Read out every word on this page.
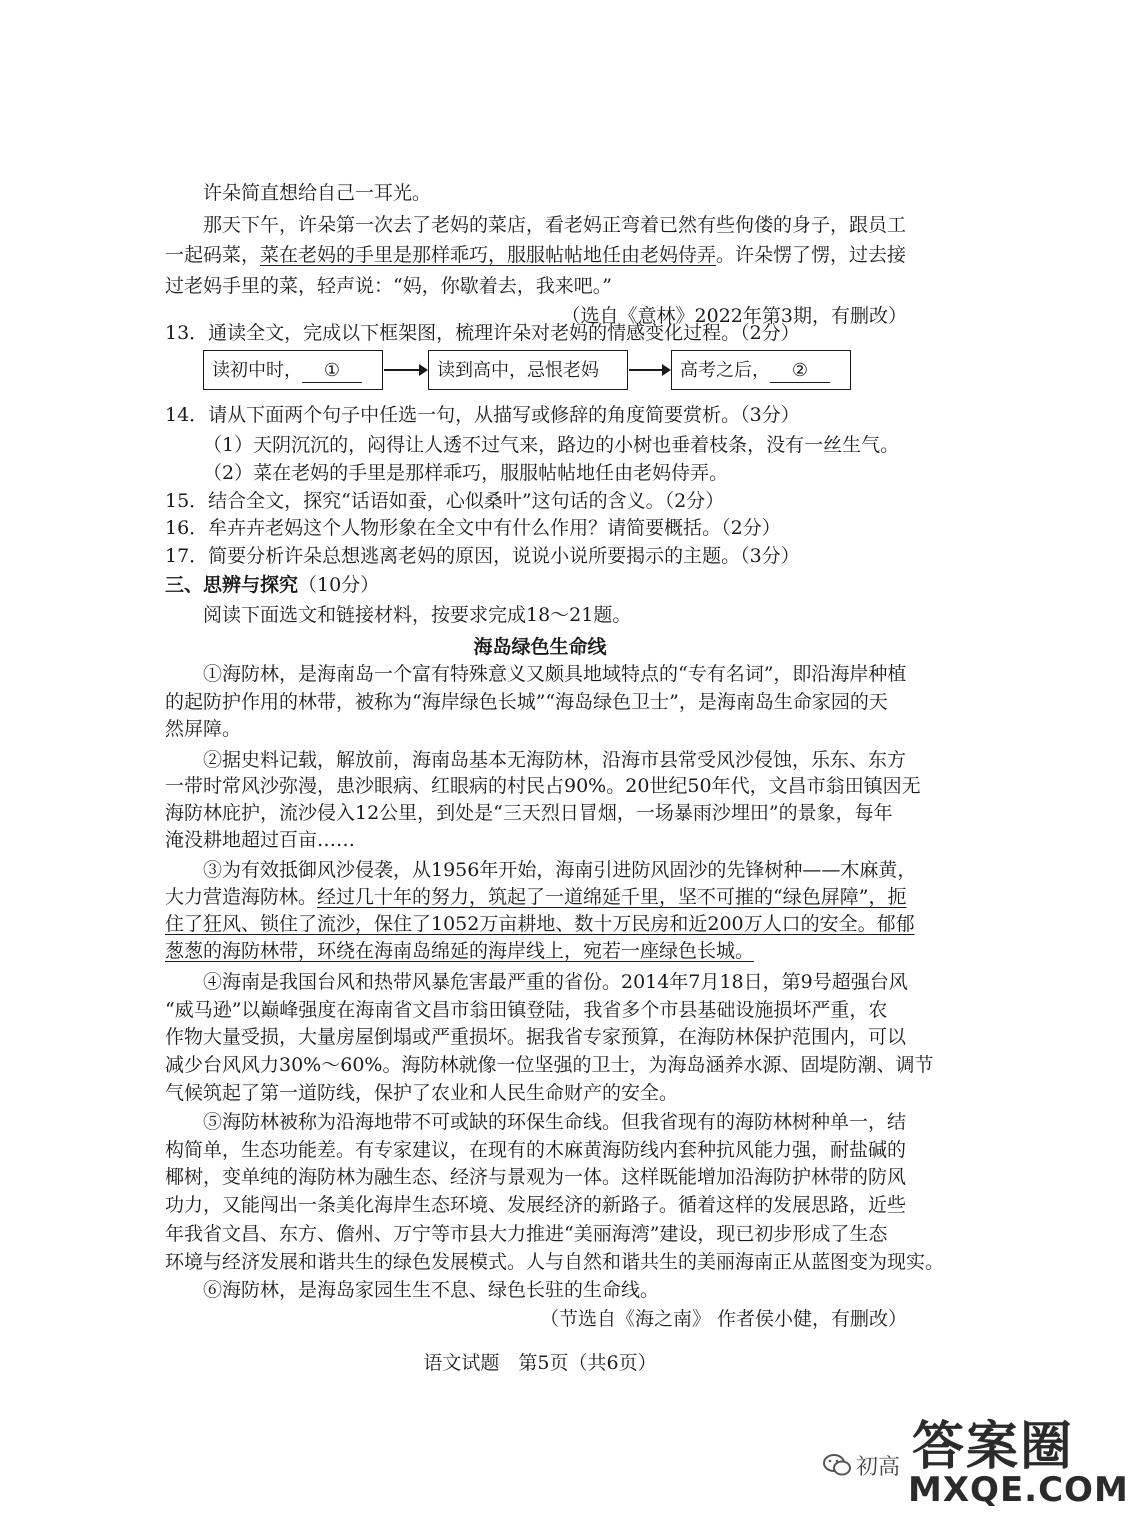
许朵简直想给自己一耳光。
那天下午，许朵第一次去了老妈的菜店，看老妈正弯着已然有些佝偻的身子，跟员工
一起码菜，菜在老妈的手里是那样乖巧，服服帖帖地任由老妈侍弄。许朵愣了愣，过去接
过老妈手里的菜，轻声说：“妈，你歇着去，我来吧。”
（选自《意林》2022年第3期，有删改）
13．通读全文，完成以下框架图，梳理许朵对老妈的情感变化过程。（2分）
读初中时， ①	读到高中，忌恨老妈	高考之后， ②
14．请从下面两个句子中任选一句，从描写或修辞的角度简要赏析。（3分）
（1）天阴沉沉的，闷得让人透不过气来，路边的小树也垂着枝条，没有一丝生气。
（2）菜在老妈的手里是那样乖巧，服服帖帖地任由老妈侍弄。
15．结合全文，探究“话语如蚕，心似桑叶”这句话的含义。（2分）
16．牟卉卉老妈这个人物形象在全文中有什么作用？请简要概括。（2分）
17．简要分析许朵总想逃离老妈的原因，说说小说所要揭示的主题。（3分）
三、思辨与探究（10分）
阅读下面选文和链接材料，按要求完成18～21题。
海岛绿色生命线
①海防林，是海南岛一个富有特殊意义又颇具地域特点的“专有名词”，即沿海岸种植
的起防护作用的林带，被称为“海岸绿色长城”“海岛绿色卫士”，是海南岛生命家园的天
然屏障。
②据史料记载，解放前，海南岛基本无海防林，沿海市县常受风沙侵蚀，乐东、东方
一带时常风沙弥漫，患沙眼病、红眼病的村民占90%。20世纪50年代，文昌市翁田镇因无
海防林庇护，流沙侵入12公里，到处是“三天烈日冒烟，一场暴雨沙埋田”的景象，每年
淹没耕地超过百亩……
③为有效抵御风沙侵袭，从1956年开始，海南引进防风固沙的先锋树种——木麻黄，
大力营造海防林。经过几十年的努力，筑起了一道绵延千里，坚不可摧的“绿色屏障”，扼
住了狂风、锁住了流沙，保住了1052万亩耕地、数十万民房和近200万人口的安全。郁郁
葱葱的海防林带，环绕在海南岛绵延的海岸线上，宛若一座绿色长城。
④海南是我国台风和热带风暴危害最严重的省份。2014年7月18日，第9号超强台风
“威马逊”以巅峰强度在海南省文昌市翁田镇登陆，我省多个市县基础设施损坏严重，农
作物大量受损，大量房屋倒塌或严重损坏。据我省专家预算，在海防林保护范围内，可以
减少台风风力30%～60%。海防林就像一位坚强的卫士，为海岛涵养水源、固堤防潮、调节
气候筑起了第一道防线，保护了农业和人民生命财产的安全。
⑤海防林被称为沿海地带不可或缺的环保生命线。但我省现有的海防林树种单一，结
构简单，生态功能差。有专家建议，在现有的木麻黄海防线内套种抗风能力强，耐盐碱的
椰树，变单纯的海防林为融生态、经济与景观为一体。这样既能增加沿海防护林带的防风
功力，又能闯出一条美化海岸生态环境、发展经济的新路子。循着这样的发展思路，近些
年我省文昌、东方、儋州、万宁等市县大力推进“美丽海湾”建设，现已初步形成了生态
环境与经济发展和谐共生的绿色发展模式。人与自然和谐共生的美丽海南正从蓝图变为现实。
⑥海防林，是海岛家园生生不息、绿色长驻的生命线。
（节选自《海之南》 作者侯小健，有删改）
语文试题　第5页（共6页）
初高 答案圈
MXQE.COM
